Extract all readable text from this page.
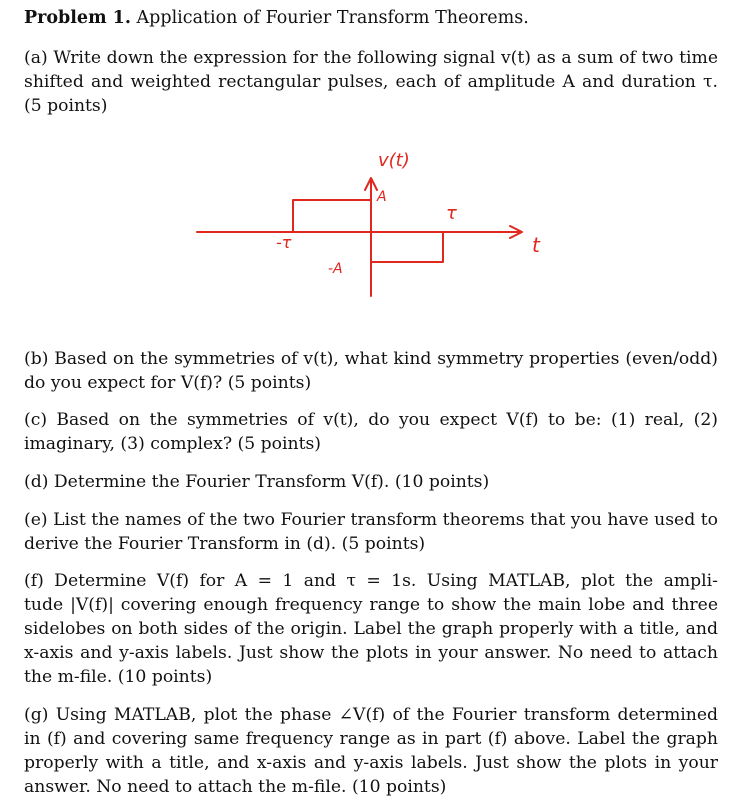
Problem 1. Application of Fourier Transform Theorems.
(a) Write down the expression for the following signal v(t) as a sum of two time
shifted and weighted rectangular pulses, each of amplitude A and duration τ.
(5 points)
(b) Based on the symmetries of v(t), what kind symmetry properties (even/odd)
do you expect for V(f)? (5 points)
(c) Based on the symmetries of v(t), do you expect V(f) to be: (1) real, (2)
imaginary, (3) complex? (5 points)
(d) Determine the Fourier Transform V(f). (10 points)
(e) List the names of the two Fourier transform theorems that you have used to
derive the Fourier Transform in (d). (5 points)
(f) Determine V(f) for A = 1 and τ = 1s. Using MATLAB, plot the ampli-
tude |V(f)| covering enough frequency range to show the main lobe and three
sidelobes on both sides of the origin. Label the graph properly with a title, and
x-axis and y-axis labels. Just show the plots in your answer. No need to attach
the m-file. (10 points)
(g) Using MATLAB, plot the phase ∠V(f) of the Fourier transform determined
in (f) and covering same frequency range as in part (f) above. Label the graph
properly with a title, and x-axis and y-axis labels. Just show the plots in your
answer. No need to attach the m-file. (10 points)
v(t)
t
A
-A
τ
-τ
